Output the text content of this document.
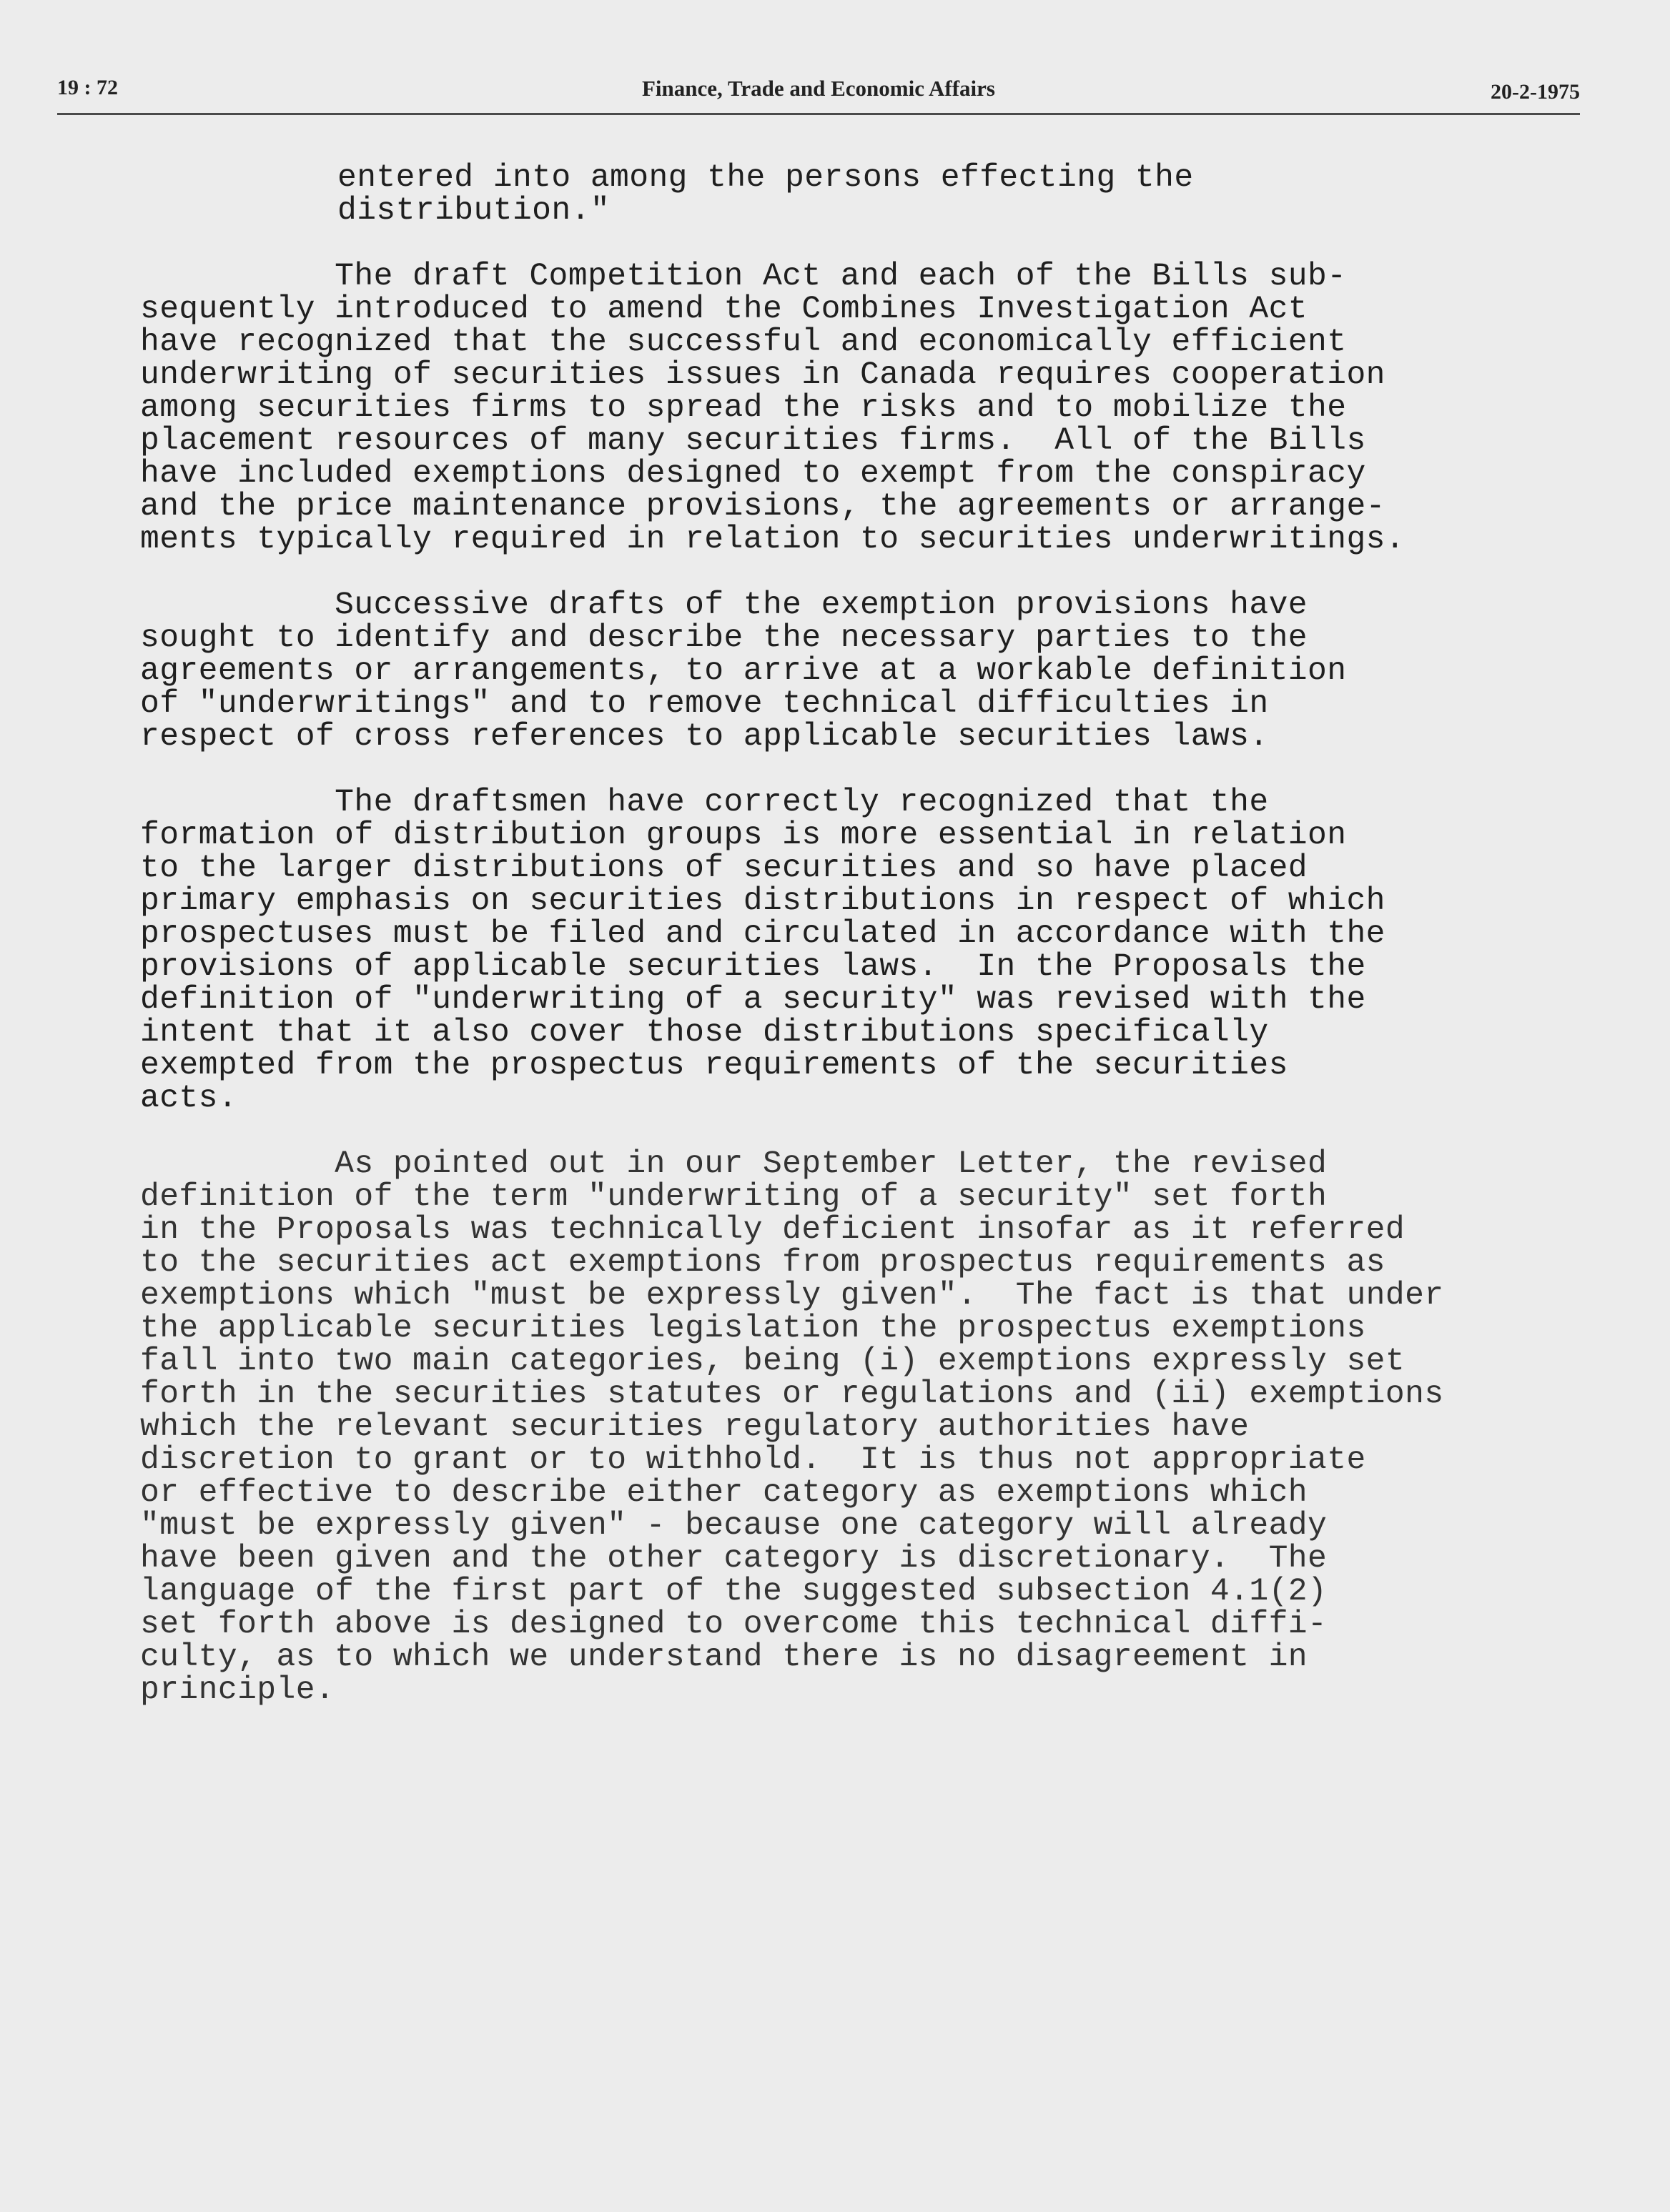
19 : 72	Finance, Trade and Economic Affairs	20-2-1975

entered into among the persons effecting the
distribution."

The draft Competition Act and each of the Bills sub-
sequently introduced to amend the Combines Investigation Act
have recognized that the successful and economically efficient
underwriting of securities issues in Canada requires cooperation
among securities firms to spread the risks and to mobilize the
placement resources of many securities firms.  All of the Bills
have included exemptions designed to exempt from the conspiracy
and the price maintenance provisions, the agreements or arrange-
ments typically required in relation to securities underwritings.

Successive drafts of the exemption provisions have
sought to identify and describe the necessary parties to the
agreements or arrangements, to arrive at a workable definition
of "underwritings" and to remove technical difficulties in
respect of cross references to applicable securities laws.

The draftsmen have correctly recognized that the
formation of distribution groups is more essential in relation
to the larger distributions of securities and so have placed
primary emphasis on securities distributions in respect of which
prospectuses must be filed and circulated in accordance with the
provisions of applicable securities laws.  In the Proposals the
definition of "underwriting of a security" was revised with the
intent that it also cover those distributions specifically
exempted from the prospectus requirements of the securities
acts.

As pointed out in our September Letter, the revised
definition of the term "underwriting of a security" set forth
in the Proposals was technically deficient insofar as it referred
to the securities act exemptions from prospectus requirements as
exemptions which "must be expressly given".  The fact is that under
the applicable securities legislation the prospectus exemptions
fall into two main categories, being (i) exemptions expressly set
forth in the securities statutes or regulations and (ii) exemptions
which the relevant securities regulatory authorities have
discretion to grant or to withhold.  It is thus not appropriate
or effective to describe either category as exemptions which
"must be expressly given" - because one category will already
have been given and the other category is discretionary.  The
language of the first part of the suggested subsection 4.1(2)
set forth above is designed to overcome this technical diffi-
culty, as to which we understand there is no disagreement in
principle.
